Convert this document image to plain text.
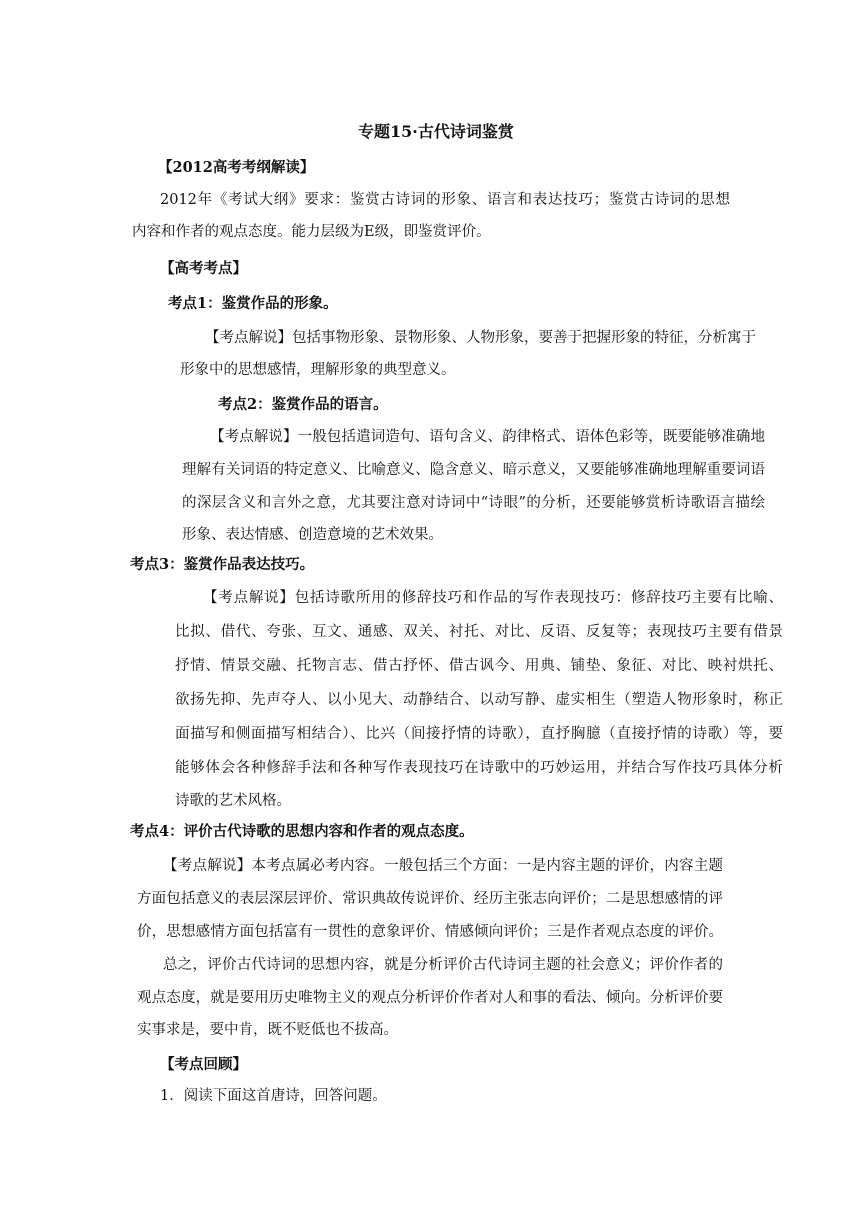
专题15·古代诗词鉴赏

【2012高考考纲解读】

2012年《考试大纲》要求：鉴赏古诗词的形象、语言和表达技巧；鉴赏古诗词的思想

内容和作者的观点态度。能力层级为E级，即鉴赏评价。

【高考考点】

考点1：鉴赏作品的形象。

【考点解说】包括事物形象、景物形象、人物形象，要善于把握形象的特征，分析寓于

形象中的思想感情，理解形象的典型意义。

考点2：鉴赏作品的语言。

【考点解说】一般包括遣词造句、语句含义、韵律格式、语体色彩等，既要能够准确地

理解有关词语的特定意义、比喻意义、隐含意义、暗示意义，又要能够准确地理解重要词语

的深层含义和言外之意，尤其要注意对诗词中“诗眼”的分析，还要能够赏析诗歌语言描绘

形象、表达情感、创造意境的艺术效果。

考点3：鉴赏作品表达技巧。

【考点解说】包括诗歌所用的修辞技巧和作品的写作表现技巧：修辞技巧主要有比喻、

比拟、借代、夸张、互文、通感、双关、衬托、对比、反语、反复等；表现技巧主要有借景

抒情、情景交融、托物言志、借古抒怀、借古讽今、用典、铺垫、象征、对比、映衬烘托、

欲扬先抑、先声夺人、以小见大、动静结合、以动写静、虚实相生（塑造人物形象时，称正

面描写和侧面描写相结合）、比兴（间接抒情的诗歌），直抒胸臆（直接抒情的诗歌）等，要

能够体会各种修辞手法和各种写作表现技巧在诗歌中的巧妙运用，并结合写作技巧具体分析

诗歌的艺术风格。

考点4：评价古代诗歌的思想内容和作者的观点态度。

【考点解说】本考点属必考内容。一般包括三个方面：一是内容主题的评价，内容主题

方面包括意义的表层深层评价、常识典故传说评价、经历主张志向评价；二是思想感情的评

价，思想感情方面包括富有一贯性的意象评价、情感倾向评价；三是作者观点态度的评价。

总之，评价古代诗词的思想内容，就是分析评价古代诗词主题的社会意义；评价作者的

观点态度，就是要用历史唯物主义的观点分析评价作者对人和事的看法、倾向。分析评价要

实事求是，要中肯，既不贬低也不拔高。

【考点回顾】

1．阅读下面这首唐诗，回答问题。
